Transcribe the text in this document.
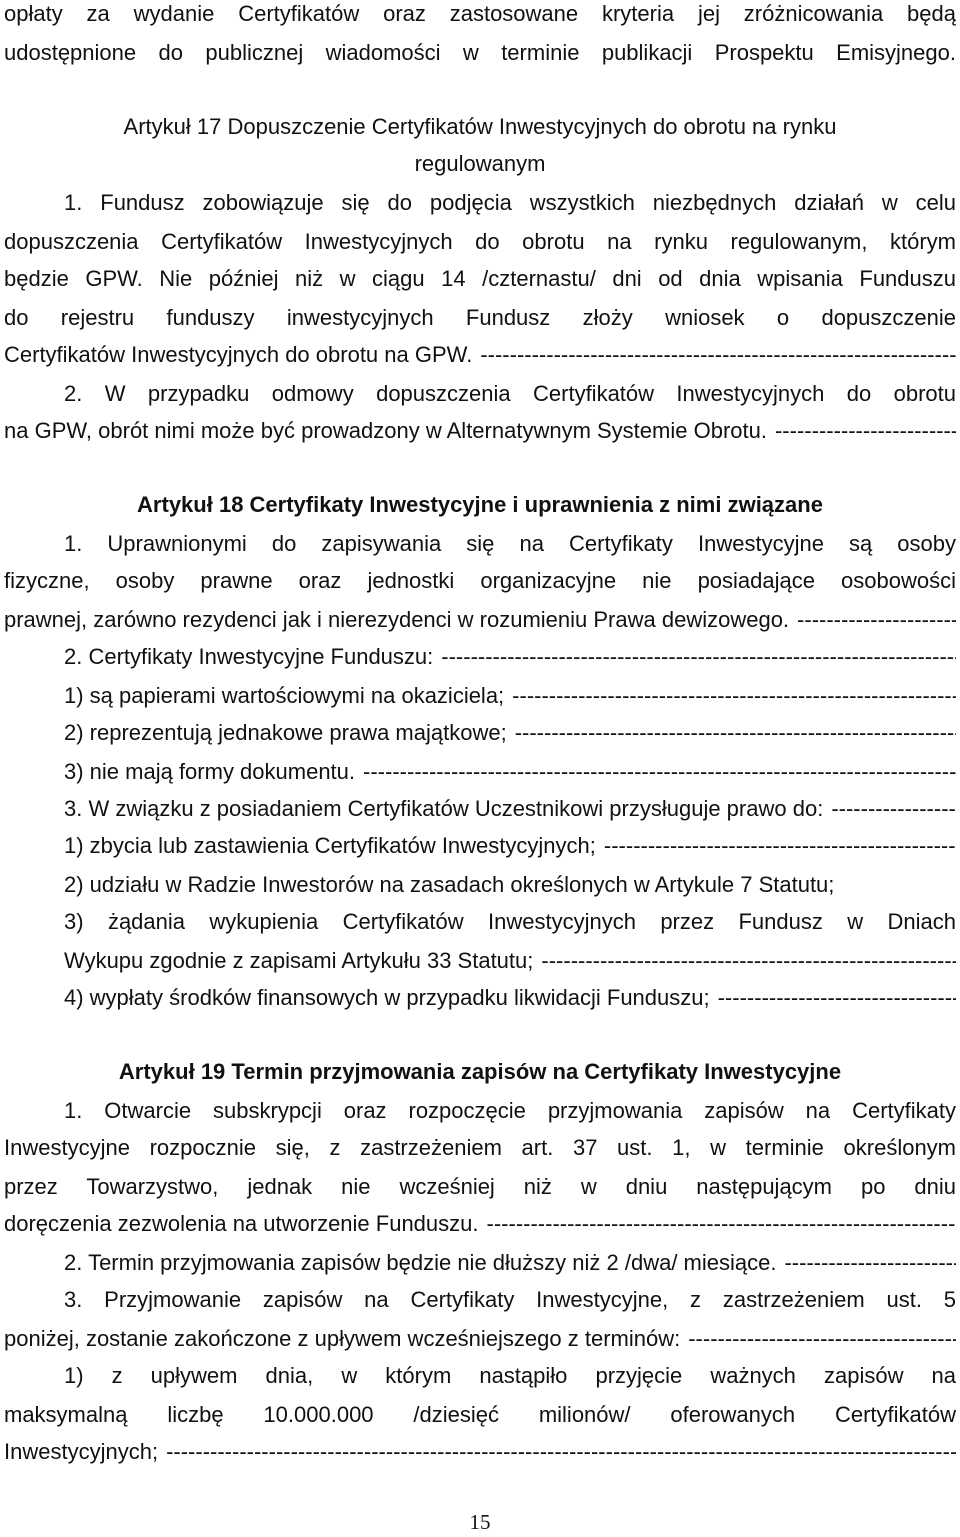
opłaty za wydanie Certyfikatów oraz zastosowane kryteria jej zróżnicowania będą
udostępnione do publicznej wiadomości w terminie publikacji Prospektu Emisyjnego.
Artykuł 17 Dopuszczenie Certyfikatów Inwestycyjnych do obrotu na rynku
regulowanym
1. Fundusz zobowiązuje się do podjęcia wszystkich niezbędnych działań w celu
dopuszczenia Certyfikatów Inwestycyjnych do obrotu na rynku regulowanym, którym
będzie GPW. Nie później niż w ciągu 14 /czternastu/ dni od dnia wpisania Funduszu
do rejestru funduszy inwestycyjnych Fundusz złoży wniosek o dopuszczenie
Certyfikatów Inwestycyjnych do obrotu na GPW.
-----
2. W przypadku odmowy dopuszczenia Certyfikatów Inwestycyjnych do obrotu
na GPW, obrót nimi może być prowadzony w Alternatywnym Systemie Obrotu.
-----
Artykuł 18 Certyfikaty Inwestycyjne i uprawnienia z nimi związane
1. Uprawnionymi do zapisywania się na Certyfikaty Inwestycyjne są osoby
fizyczne, osoby prawne oraz jednostki organizacyjne nie posiadające osobowości
prawnej, zarówno rezydenci jak i nierezydenci w rozumieniu Prawa dewizowego.
-----
2. Certyfikaty Inwestycyjne Funduszu:
-----
1) są papierami wartościowymi na okaziciela;
-----
2) reprezentują jednakowe prawa majątkowe;
-----
3) nie mają formy dokumentu.
-----
3. W związku z posiadaniem Certyfikatów Uczestnikowi przysługuje prawo do:
-----
1) zbycia lub zastawienia Certyfikatów Inwestycyjnych;
-----
2) udziału w Radzie Inwestorów na zasadach określonych w Artykule 7 Statutu;
3) żądania wykupienia Certyfikatów Inwestycyjnych przez Fundusz w Dniach
Wykupu zgodnie z zapisami Artykułu 33 Statutu;
-----
4) wypłaty środków finansowych w przypadku likwidacji Funduszu;
-----
Artykuł 19 Termin przyjmowania zapisów na Certyfikaty Inwestycyjne
1. Otwarcie subskrypcji oraz rozpoczęcie przyjmowania zapisów na Certyfikaty
Inwestycyjne rozpocznie się, z zastrzeżeniem art. 37 ust. 1, w terminie określonym
przez Towarzystwo, jednak nie wcześniej niż w dniu następującym po dniu
doręczenia zezwolenia na utworzenie Funduszu.
-----
2. Termin przyjmowania zapisów będzie nie dłuższy niż 2 /dwa/ miesiące.
-----
3. Przyjmowanie zapisów na Certyfikaty Inwestycyjne, z zastrzeżeniem ust. 5
poniżej, zostanie zakończone z upływem wcześniejszego z terminów:
-----
1) z upływem dnia, w którym nastąpiło przyjęcie ważnych zapisów na
maksymalną liczbę 10.000.000 /dziesięć milionów/ oferowanych Certyfikatów
Inwestycyjnych;
-----
15
